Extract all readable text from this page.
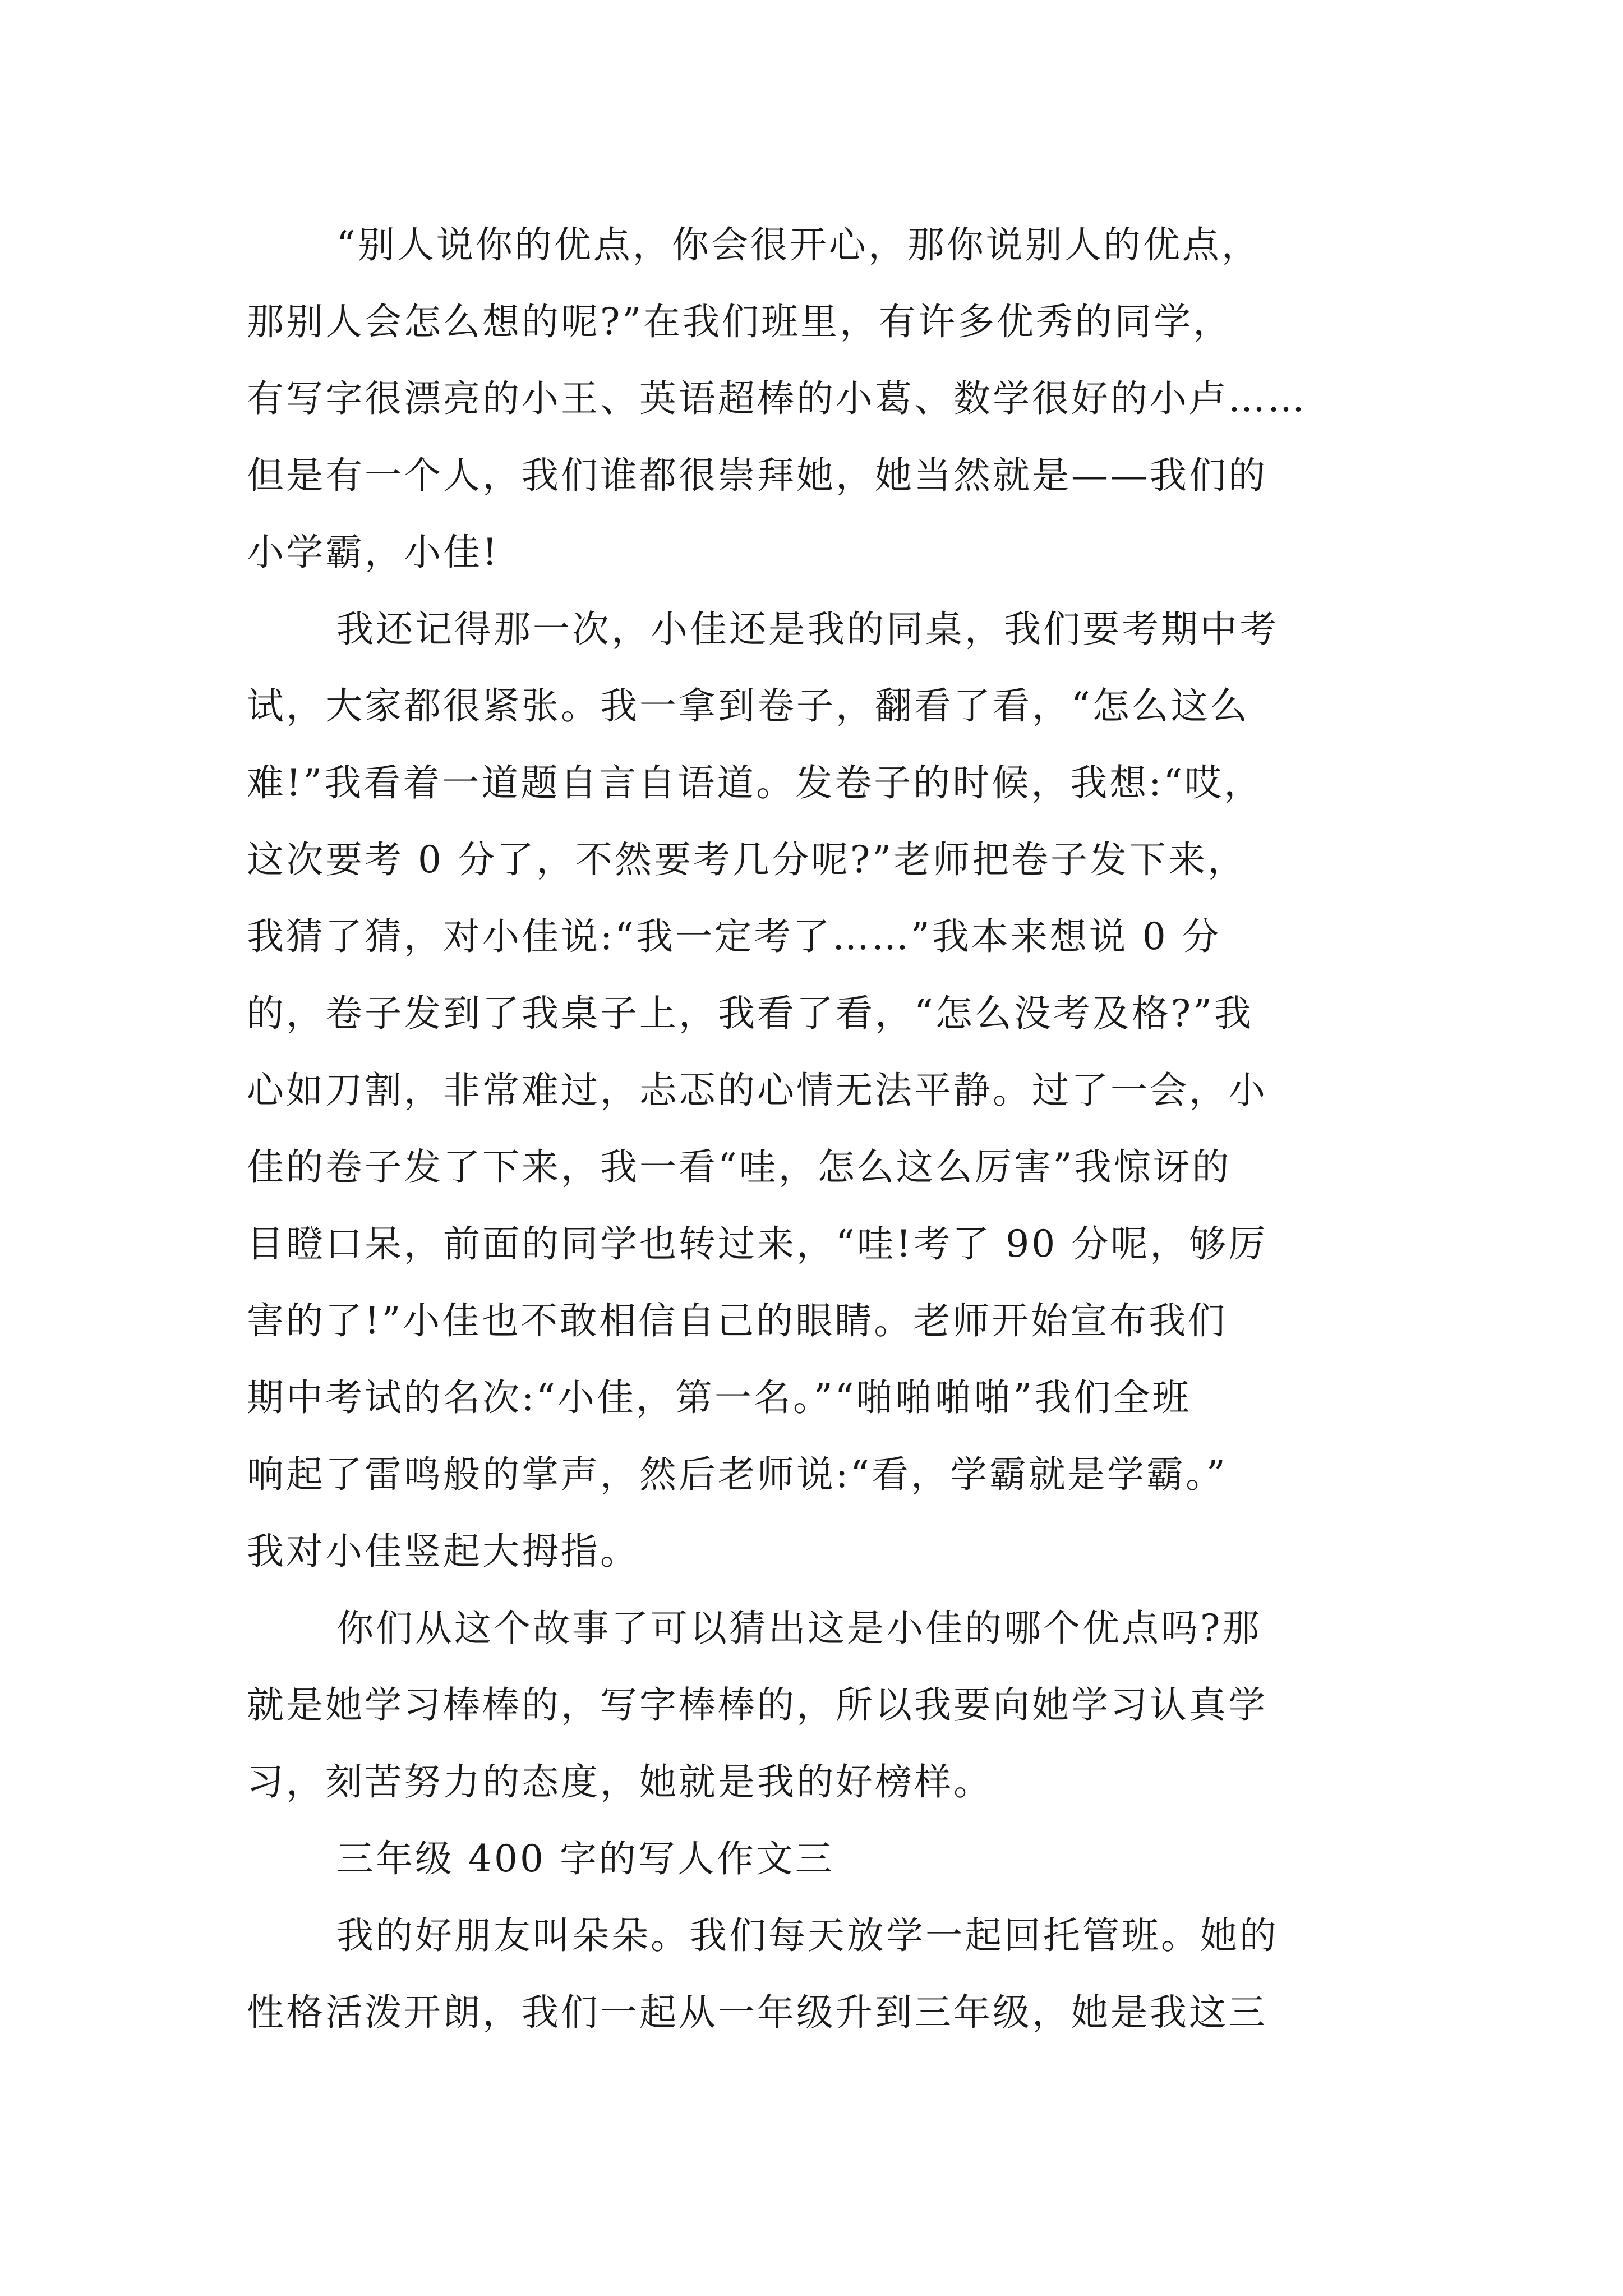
“别人说你的优点，你会很开心，那你说别人的优点，
那别人会怎么想的呢?”在我们班里，有许多优秀的同学，
有写字很漂亮的小王、英语超棒的小葛、数学很好的小卢……
但是有一个人，我们谁都很崇拜她，她当然就是——我们的
小学霸，小佳!

我还记得那一次，小佳还是我的同桌，我们要考期中考
试，大家都很紧张。我一拿到卷子，翻看了看，“怎么这么
难!”我看着一道题自言自语道。发卷子的时候，我想:“哎，
这次要考 0 分了，不然要考几分呢?”老师把卷子发下来，
我猜了猜，对小佳说:“我一定考了……”我本来想说 0 分
的，卷子发到了我桌子上，我看了看，“怎么没考及格?”我
心如刀割，非常难过，忐忑的心情无法平静。过了一会，小
佳的卷子发了下来，我一看“哇，怎么这么厉害”我惊讶的
目瞪口呆，前面的同学也转过来，“哇!考了 90 分呢，够厉
害的了!”小佳也不敢相信自己的眼睛。老师开始宣布我们
期中考试的名次:“小佳，第一名。”“啪啪啪啪”我们全班
响起了雷鸣般的掌声，然后老师说:“看，学霸就是学霸。”
我对小佳竖起大拇指。

你们从这个故事了可以猜出这是小佳的哪个优点吗?那
就是她学习棒棒的，写字棒棒的，所以我要向她学习认真学
习，刻苦努力的态度，她就是我的好榜样。

三年级 400 字的写人作文三

我的好朋友叫朵朵。我们每天放学一起回托管班。她的
性格活泼开朗，我们一起从一年级升到三年级，她是我这三
